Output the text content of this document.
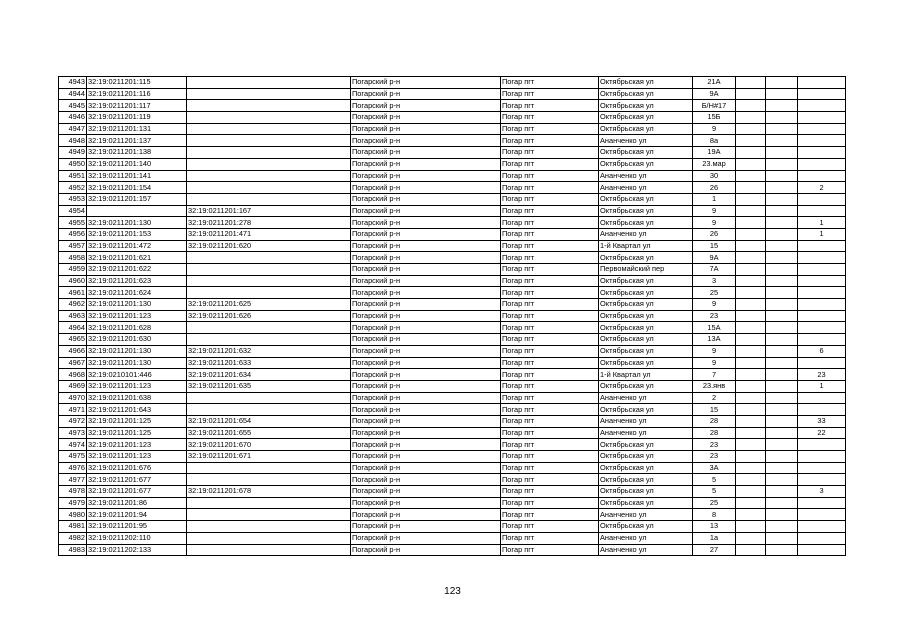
4943	32:19:0211201:115		Погарский р-н	Погар пгт	Октябрьская ул	21А			
4944	32:19:0211201:116		Погарский р-н	Погар пгт	Октябрьская ул	9А			
4945	32:19:0211201:117		Погарский р-н	Погар пгт	Октябрьская ул	Б/Н#17			
4946	32:19:0211201:119		Погарский р-н	Погар пгт	Октябрьская ул	15Б			
4947	32:19:0211201:131		Погарский р-н	Погар пгт	Октябрьская ул	9			
4948	32:19:0211201:137		Погарский р-н	Погар пгт	Ананченко ул	8а			
4949	32:19:0211201:138		Погарский р-н	Погар пгт	Октябрьская ул	19А			
4950	32:19:0211201:140		Погарский р-н	Погар пгт	Октябрьская ул	23.мар			
4951	32:19:0211201:141		Погарский р-н	Погар пгт	Ананченко ул	30			
4952	32:19:0211201:154		Погарский р-н	Погар пгт	Ананченко ул	26			2
4953	32:19:0211201:157		Погарский р-н	Погар пгт	Октябрьская ул	1			
4954		32:19:0211201:167	Погарский р-н	Погар пгт	Октябрьская ул	9			
4955	32:19:0211201:130	32:19:0211201:278	Погарский р-н	Погар пгт	Октябрьская ул	9			1
4956	32:19:0211201:153	32:19:0211201:471	Погарский р-н	Погар пгт	Ананченко ул	26			1
4957	32:19:0211201:472	32:19:0211201:620	Погарский р-н	Погар пгт	1-й Квартал ул	15			
4958	32:19:0211201:621		Погарский р-н	Погар пгт	Октябрьская ул	9А			
4959	32:19:0211201:622		Погарский р-н	Погар пгт	Первомайский пер	7А			
4960	32:19:0211201:623		Погарский р-н	Погар пгт	Октябрьская ул	3			
4961	32:19:0211201:624		Погарский р-н	Погар пгт	Октябрьская ул	25			
4962	32:19:0211201:130	32:19:0211201:625	Погарский р-н	Погар пгт	Октябрьская ул	9			
4963	32:19:0211201:123	32:19:0211201:626	Погарский р-н	Погар пгт	Октябрьская ул	23			
4964	32:19:0211201:628		Погарский р-н	Погар пгт	Октябрьская ул	15А			
4965	32:19:0211201:630		Погарский р-н	Погар пгт	Октябрьская ул	13А			
4966	32:19:0211201:130	32:19:0211201:632	Погарский р-н	Погар пгт	Октябрьская ул	9			6
4967	32:19:0211201:130	32:19:0211201:633	Погарский р-н	Погар пгт	Октябрьская ул	9			
4968	32:19:0210101:446	32:19:0211201:634	Погарский р-н	Погар пгт	1-й Квартал ул	7			23
4969	32:19:0211201:123	32:19:0211201:635	Погарский р-н	Погар пгт	Октябрьская ул	23.янв			1
4970	32:19:0211201:638		Погарский р-н	Погар пгт	Ананченко ул	2			
4971	32:19:0211201:643		Погарский р-н	Погар пгт	Октябрьская ул	15			
4972	32:19:0211201:125	32:19:0211201:654	Погарский р-н	Погар пгт	Ананченко ул	28			33
4973	32:19:0211201:125	32:19:0211201:655	Погарский р-н	Погар пгт	Ананченко ул	28			22
4974	32:19:0211201:123	32:19:0211201:670	Погарский р-н	Погар пгт	Октябрьская ул	23			
4975	32:19:0211201:123	32:19:0211201:671	Погарский р-н	Погар пгт	Октябрьская ул	23			
4976	32:19:0211201:676		Погарский р-н	Погар пгт	Октябрьская ул	3А			
4977	32:19:0211201:677		Погарский р-н	Погар пгт	Октябрьская ул	5			
4978	32:19:0211201:677	32:19:0211201:678	Погарский р-н	Погар пгт	Октябрьская ул	5			3
4979	32:19:0211201:86		Погарский р-н	Погар пгт	Октябрьская ул	25			
4980	32:19:0211201:94		Погарский р-н	Погар пгт	Ананченко ул	8			
4981	32:19:0211201:95		Погарский р-н	Погар пгт	Октябрьская ул	13			
4982	32:19:0211202:110		Погарский р-н	Погар пгт	Ананченко ул	1а			
4983	32:19:0211202:133		Погарский р-н	Погар пгт	Ананченко ул	27			
123
